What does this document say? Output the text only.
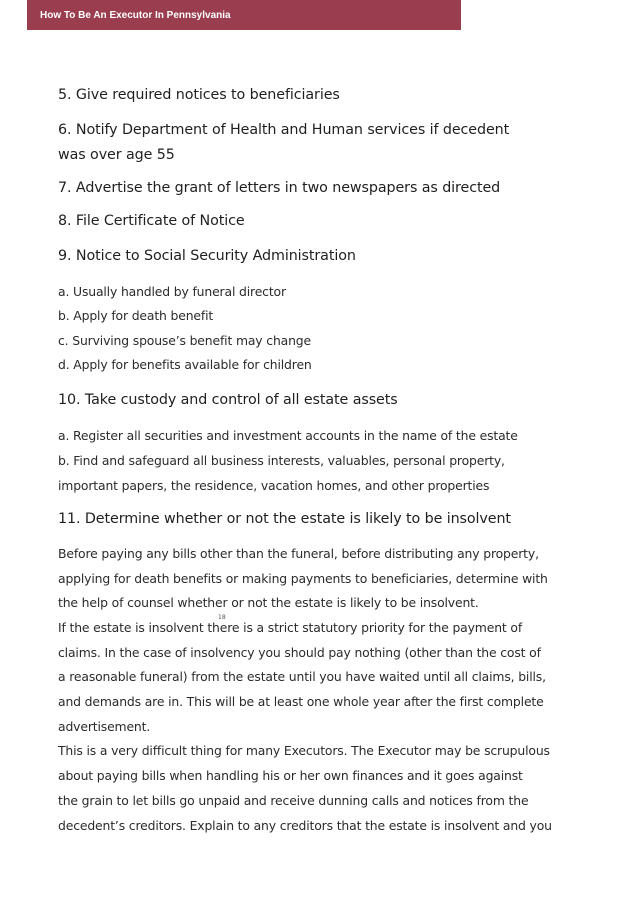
How To Be An Executor In Pennsylvania
5. Give required notices to beneficiaries
6. Notify Department of Health and Human services if decedent
was over age 55
7. Advertise the grant of letters in two newspapers as directed
8. File Certificate of Notice
9. Notice to Social Security Administration
a. Usually handled by funeral director
b. Apply for death benefit
c. Surviving spouse’s benefit may change
d. Apply for benefits available for children
10. Take custody and control of all estate assets
a. Register all securities and investment accounts in the name of the estate
b. Find and safeguard all business interests, valuables, personal property,
important papers, the residence, vacation homes, and other properties
11. Determine whether or not the estate is likely to be insolvent
Before paying any bills other than the funeral, before distributing any property,
applying for death benefits or making payments to beneficiaries, determine with
the help of counsel whether or not the estate is likely to be insolvent.
If the estate is insolvent there is a strict statutory priority for the payment of
claims. In the case of insolvency you should pay nothing (other than the cost of
a reasonable funeral) from the estate until you have waited until all claims, bills,
and demands are in. This will be at least one whole year after the first complete
advertisement.
This is a very difficult thing for many Executors. The Executor may be scrupulous
about paying bills when handling his or her own finances and it goes against
the grain to let bills go unpaid and receive dunning calls and notices from the
decedent’s creditors. Explain to any creditors that the estate is insolvent and you
18
